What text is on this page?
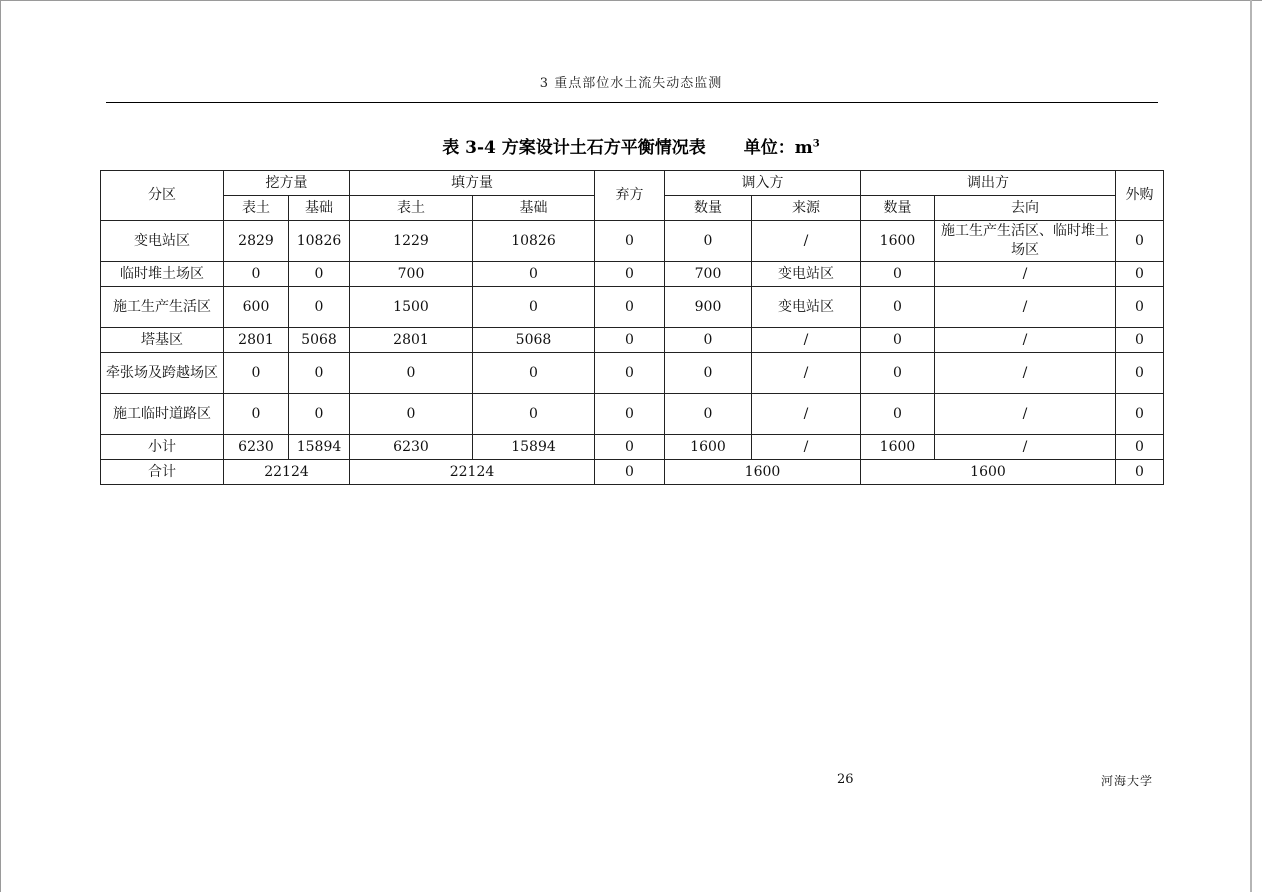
3 重点部位水土流失动态监测
表 3-4 方案设计土石方平衡情况表 单位：$m^3$
分区	挖方量		填方量		弃方	调入方		调出方		外购
	表土	基础	表土	基础		数量	来源	数量	去向	
变电站区	2829	10826	1229	10826	0	0	/	1600	施工生产生活区、临时堆土场区	0
临时堆土场区	0	0	700	0	0	700	变电站区	0	/	0
施工生产生活区	600	0	1500	0	0	900	变电站区	0	/	0
塔基区	2801	5068	2801	5068	0	0	/	0	/	0
牵张场及跨越场区	0	0	0	0	0	0	/	0	/	0
施工临时道路区	0	0	0	0	0	0	/	0	/	0
小计	6230	15894	6230	15894	0	1600	/	1600	/	0
合计	22124		22124		0	1600		1600		0
26	河海大学
